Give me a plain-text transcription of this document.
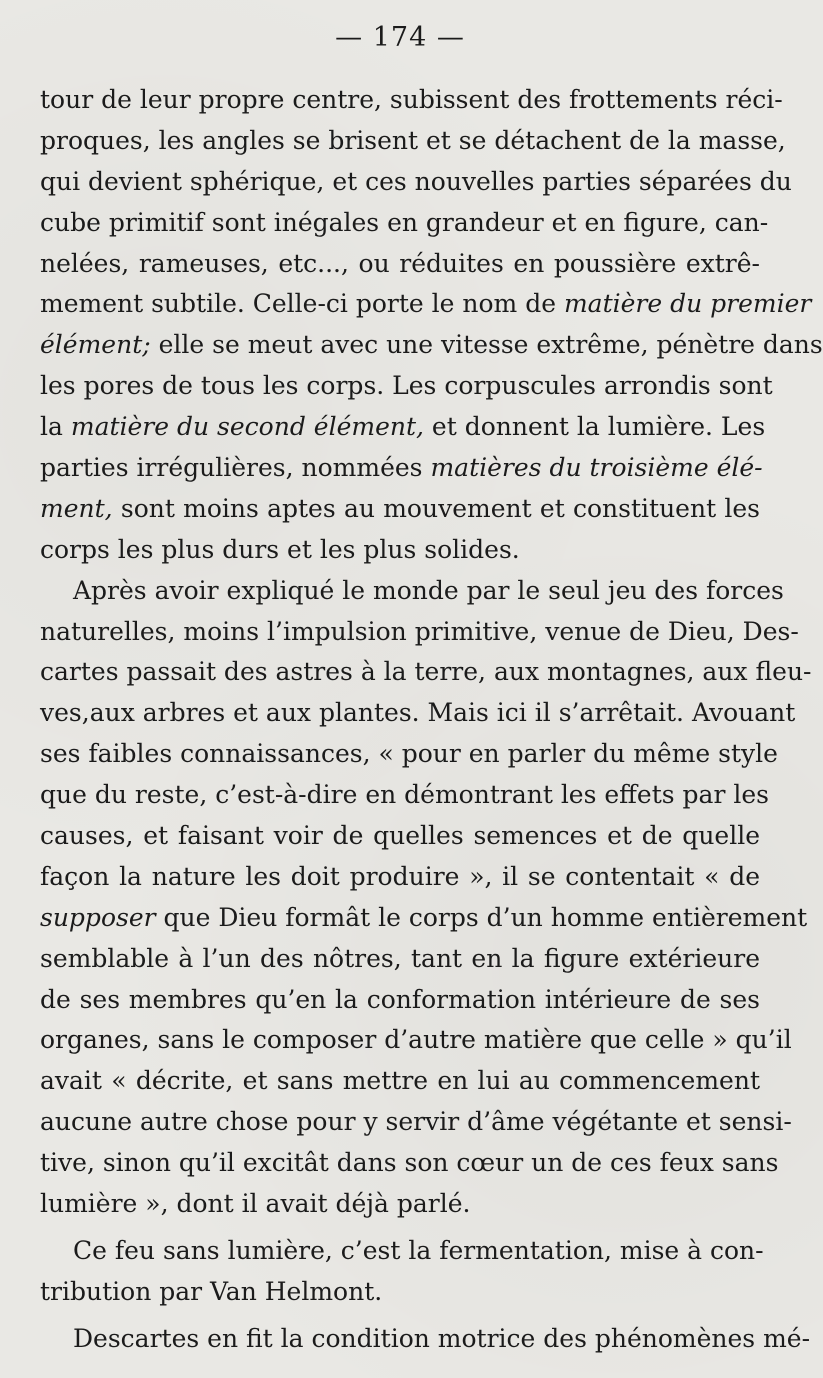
— 174 —
tour de leur propre centre, subissent des frottements réci-
proques, les angles se brisent et se détachent de la masse,
qui devient sphérique, et ces nouvelles parties séparées du
cube primitif sont inégales en grandeur et en figure, can-
nelées, rameuses, etc..., ou réduites en poussière extrê-
mement subtile. Celle-ci porte le nom de matière du premier
élément; elle se meut avec une vitesse extrême, pénètre dans
les pores de tous les corps. Les corpuscules arrondis sont
la matière du second élément, et donnent la lumière. Les
parties irrégulières, nommées matières du troisième élé-
ment, sont moins aptes au mouvement et constituent les
corps les plus durs et les plus solides.
Après avoir expliqué le monde par le seul jeu des forces
naturelles, moins l’impulsion primitive, venue de Dieu, Des-
cartes passait des astres à la terre, aux montagnes, aux fleu-
ves,aux arbres et aux plantes. Mais ici il s’arrêtait. Avouant
ses faibles connaissances, « pour en parler du même style
que du reste, c’est-à-dire en démontrant les effets par les
causes, et faisant voir de quelles semences et de quelle
façon la nature les doit produire », il se contentait « de
supposer que Dieu formât le corps d’un homme entièrement
semblable à l’un des nôtres, tant en la figure extérieure
de ses membres qu’en la conformation intérieure de ses
organes, sans le composer d’autre matière que celle » qu’il
avait « décrite, et sans mettre en lui au commencement
aucune autre chose pour y servir d’âme végétante et sensi-
tive, sinon qu’il excitât dans son cœur un de ces feux sans
lumière », dont il avait déjà parlé.
Ce feu sans lumière, c’est la fermentation, mise à con-
tribution par Van Helmont.
Descartes en fit la condition motrice des phénomènes mé-
